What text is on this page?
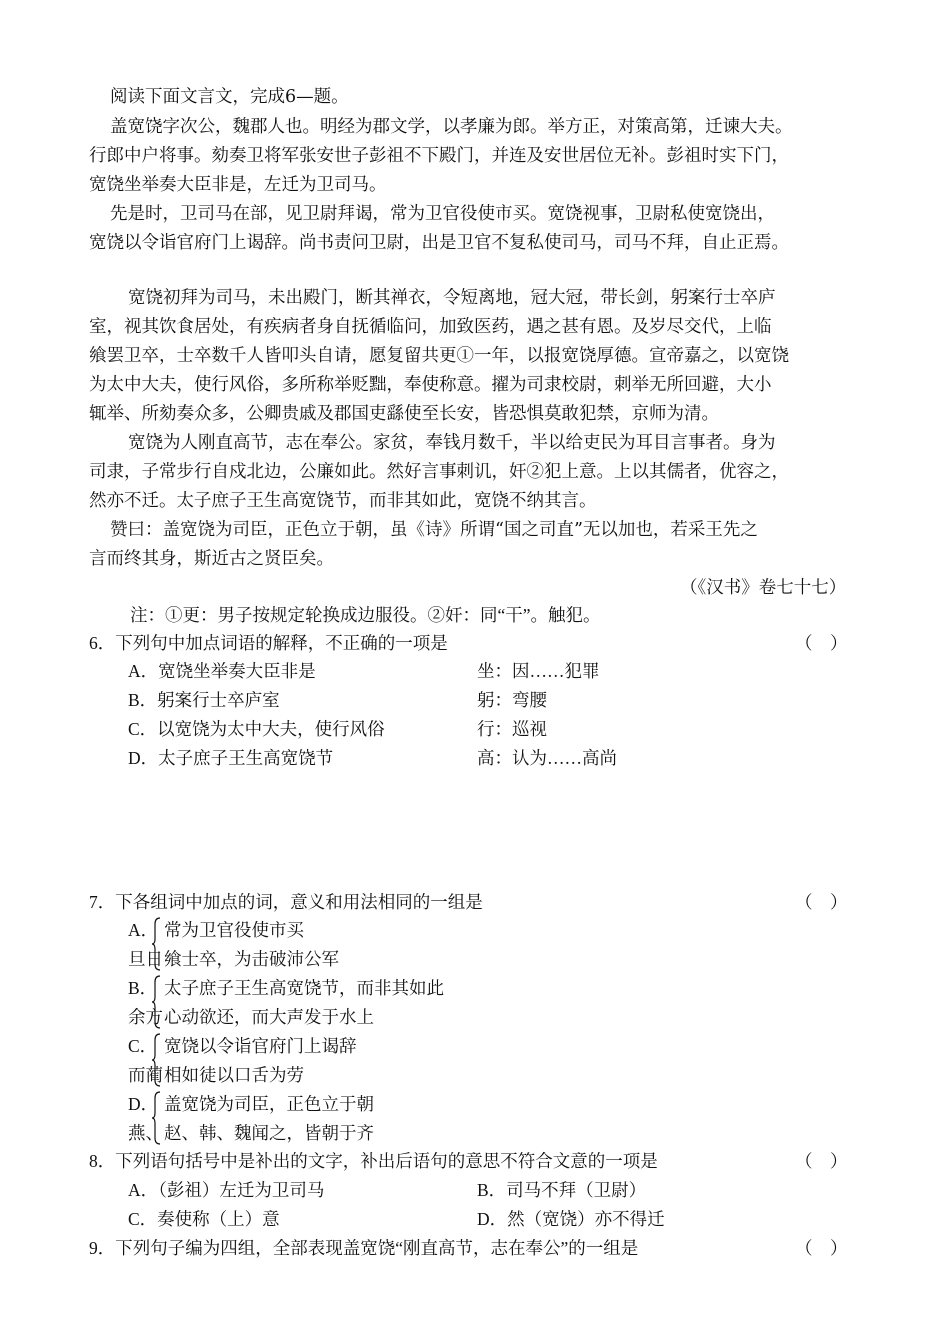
阅读下面文言文，完成6—题。
盖宽饶字次公，魏郡人也。明经为郡文学，以孝廉为郎。举方正，对策高第，迁谏大夫。
行郎中户将事。劾奏卫将军张安世子彭祖不下殿门，并连及安世居位无补。彭祖时实下门，
宽饶坐举奏大臣非是，左迁为卫司马。
先是时，卫司马在部，见卫尉拜谒，常为卫官役使市买。宽饶视事，卫尉私使宽饶出，
宽饶以令诣官府门上谒辞。尚书责问卫尉，出是卫官不复私使司马，司马不拜，自止正焉。
宽饶初拜为司马，未出殿门，断其禅衣，令短离地，冠大冠，带长剑，躬案行士卒庐
室，视其饮食居处，有疾病者身自抚循临问，加致医药，遇之甚有恩。及岁尽交代，上临
飨罢卫卒，士卒数千人皆叩头自请，愿复留共更①一年，以报宽饶厚德。宣帝嘉之，以宽饶
为太中大夫，使行风俗，多所称举贬黜，奉使称意。擢为司隶校尉，刺举无所回避，大小
辄举、所劾奏众多，公卿贵戚及郡国吏繇使至长安，皆恐惧莫敢犯禁，京师为清。
宽饶为人刚直高节，志在奉公。家贫，奉钱月数千，半以给吏民为耳目言事者。身为
司隶，子常步行自戍北边，公廉如此。然好言事刺讥，奸②犯上意。上以其儒者，优容之，
然亦不迁。太子庶子王生高宽饶节，而非其如此，宽饶不纳其言。
赞曰：盖宽饶为司臣，正色立于朝，虽《诗》所谓“国之司直”无以加也，若采王先之
言而终其身，斯近古之贤臣矣。
（《汉书》卷七十七）
注：①更：男子按规定轮换成边服役。②奸：同“干”。触犯。
6．下列句中加点词语的解释，不正确的一项是	（　）
A．宽饶坐举奏大臣非是	坐：因……犯罪
B．躬案行士卒庐室	躬：弯腰
C．以宽饶为太中大夫，使行风俗	行：巡视
D．太子庶子王生高宽饶节	高：认为……高尚
7．下各组词中加点的词，意义和用法相同的一组是	（　）
A． 常为卫官役使市买
旦日 飨士卒，为击破沛公军
B． 太子庶子王生高宽饶节，而非其如此
余方 心动欲还，而大声发于水上
C． 宽饶以令诣官府门上谒辞
而蔺 相如徒以口舌为劳
D． 盖宽饶为司臣，正色立于朝
燕、 赵、韩、魏闻之，皆朝于齐
8．下列语句括号中是补出的文字，补出后语句的意思不符合文意的一项是	（　）
A．（彭祖）左迁为卫司马	B．司马不拜（卫尉）
C．奏使称（上）意	D．然（宽饶）亦不得迁
9．下列句子编为四组，全部表现盖宽饶“刚直高节，志在奉公”的一组是	（　）
